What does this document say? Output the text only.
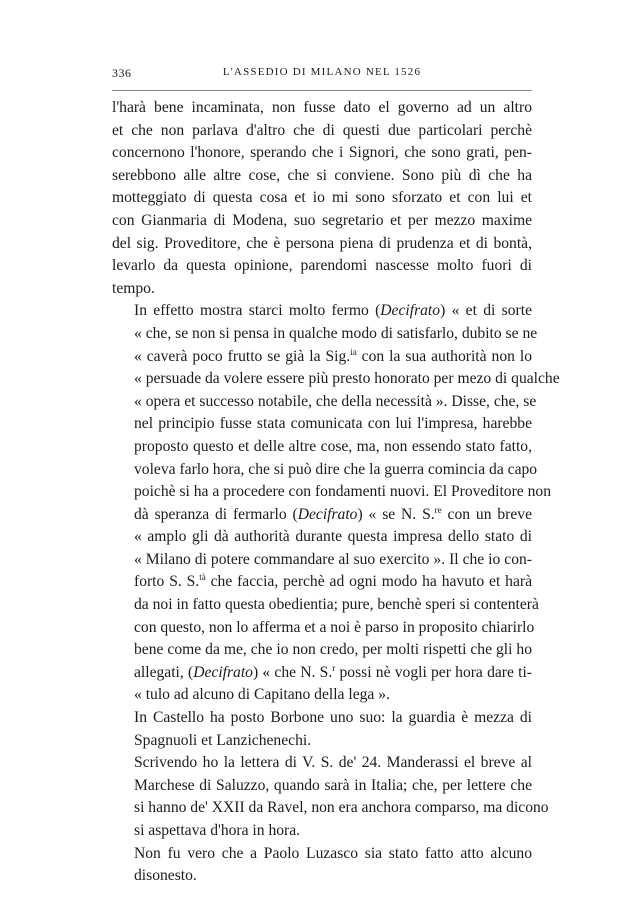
336	L'ASSEDIO DI MILANO NEL 1526

l'harà bene incaminata, non fusse dato el governo ad un altro
et che non parlava d'altro che di questi due particolari perchè
concernono l'honore, sperando che i Signori, che sono grati, pen-
serebbono alle altre cose, che si conviene. Sono più dì che ha
motteggiato di questa cosa et io mi sono sforzato et con lui et
con Gianmaria di Modena, suo segretario et per mezzo maxime
del sig. Proveditore, che è persona piena di prudenza et di bontà,
levarlo da questa opinione, parendomi nascesse molto fuori di
tempo.

In effetto mostra starci molto fermo (Decifrato) « et di sorte
« che, se non si pensa in qualche modo di satisfarlo, dubito se ne
« caverà poco frutto se già la Sig.$^{ia}$ con la sua authorità non lo
« persuade da volere essere più presto honorato per mezo di qualche
« opera et successo notabile, che della necessità ». Disse, che, se
nel principio fusse stata comunicata con lui l'impresa, harebbe
proposto questo et delle altre cose, ma, non essendo stato fatto,
voleva farlo hora, che si può dire che la guerra comincia da capo
poichè si ha a procedere con fondamenti nuovi. El Proveditore non
dà speranza di fermarlo (Decifrato) « se N. S.$^{re}$ con un breve
« amplo gli dà authorità durante questa impresa dello stato di
« Milano di potere commandare al suo exercito ». Il che io con-
forto S. S.$^{tà}$ che faccia, perchè ad ogni modo ha havuto et harà
da noi in fatto questa obedientia; pure, benchè speri si contenterà
con questo, non lo afferma et a noi è parso in proposito chiarirlo
bene come da me, che io non credo, per molti rispetti che gli ho
allegati, (Decifrato) « che N. S.$^r$ possi nè vogli per hora dare ti-
« tulo ad alcuno di Capitano della lega ».

In Castello ha posto Borbone uno suo: la guardia è mezza di
Spagnuoli et Lanzichenechi.

Scrivendo ho la lettera di V. S. de' 24. Manderassi el breve al
Marchese di Saluzzo, quando sarà in Italia; che, per lettere che
si hanno de' XXII da Ravel, non era anchora comparso, ma dicono
si aspettava d'hora in hora.

Non fu vero che a Paolo Luzasco sia stato fatto atto alcuno
disonesto.
